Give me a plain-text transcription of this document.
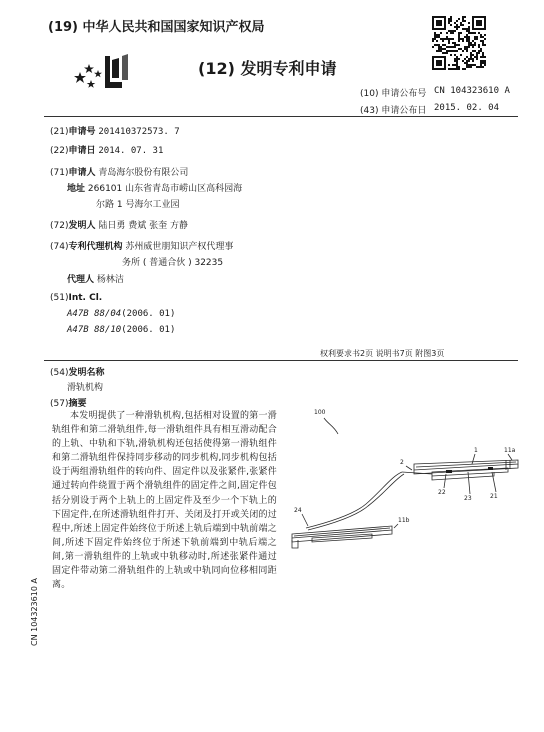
(19) 中华人民共和国国家知识产权局
(12) 发明专利申请
(10) 申请公布号 CN 104323610 A
(43) 申请公布日 2015. 02. 04
(21)申请号 201410372573. 7
(22)申请日 2014. 07. 31
(71)申请人 青岛海尔股份有限公司
地址 266101 山东省青岛市崂山区高科园海
尔路 1 号海尔工业园
(72)发明人 陆日勇 费斌 张奎 方静
(74)专利代理机构 苏州威世朋知识产权代理事
务所 ( 普通合伙 ) 32235
代理人 杨林洁
(51)Int. Cl.
A47B 88/04(2006. 01)
A47B 88/10(2006. 01)
权利要求书2页 说明书7页 附图3页
(54)发明名称
滑轨机构
(57)摘要
本发明提供了一种滑轨机构,包括相对设置的第一滑轨组件和第二滑轨组件,每一滑轨组件具有相互滑动配合的上轨、中轨和下轨,滑轨机构还包括使得第一滑轨组件和第二滑轨组件保持同步移动的同步机构,同步机构包括设于两组滑轨组件的转向件、固定件以及张紧件,张紧件通过转向件绕置于两个滑轨组件的固定件之间,固定件包括分别设于两个上轨上的上固定件及至少一个下轨上的下固定件,在所述滑轨组件打开、关闭及打开或关闭的过程中,所述上固定件始终位于所述上轨后端到中轨前端之间,所述下固定件始终位于所述下轨前端到中轨后端之间,第一滑轨组件的上轨或中轨移动时,所述张紧件通过固定件带动第二滑轨组件的上轨或中轨同向位移相同距离。
100
1	11a
2
22
23	21
24
11b
CN 104323610 A
